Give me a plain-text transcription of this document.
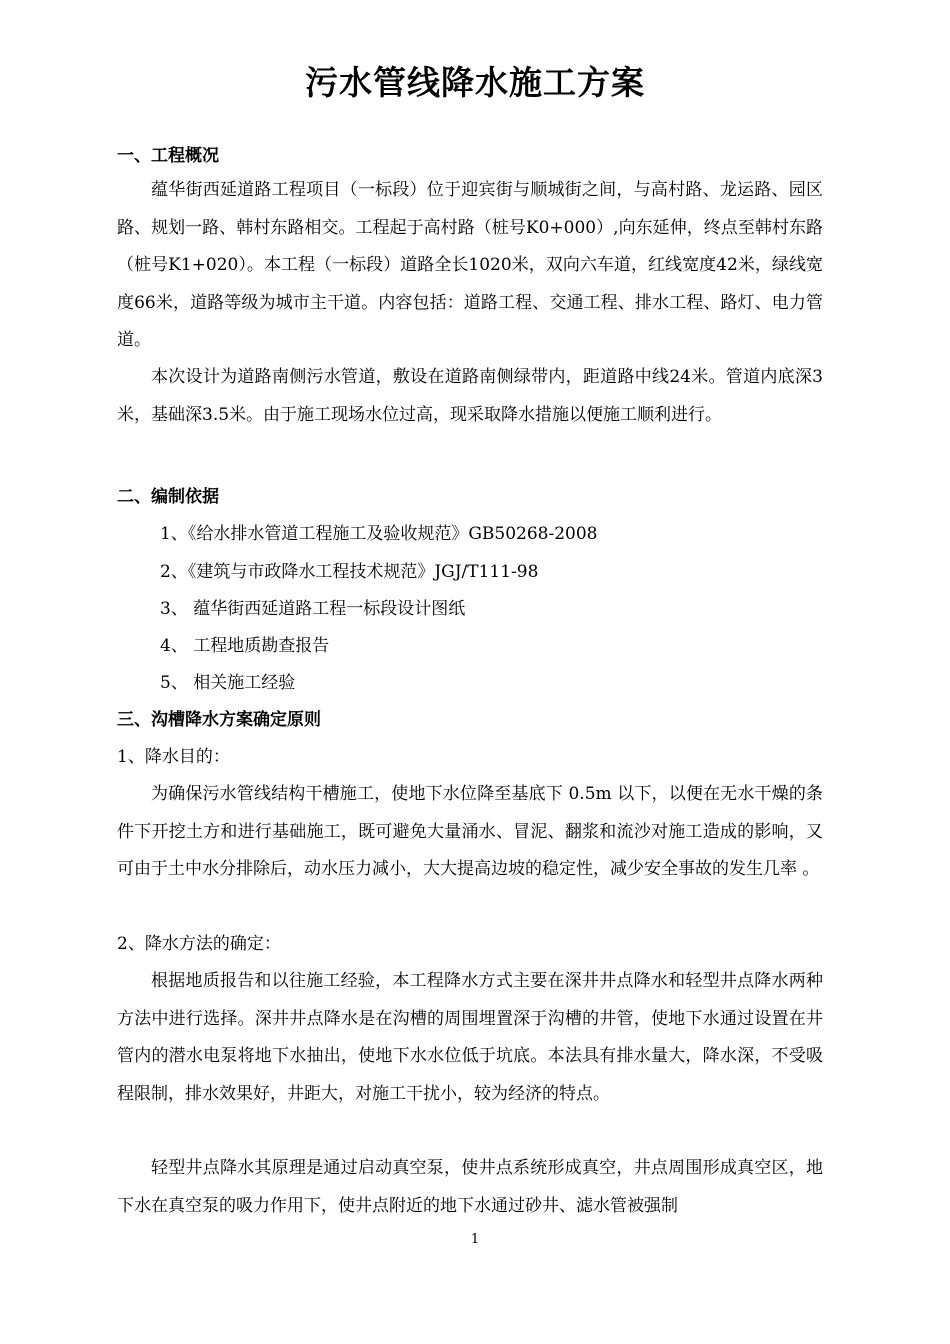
污水管线降水施工方案
一、工程概况

蕴华街西延道路工程项目（一标段）位于迎宾街与顺城街之间，与高村路、龙运路、园区路、规划一路、韩村东路相交。工程起于高村路（桩号K0+000）,向东延伸，终点至韩村东路（桩号K1+020）。本工程（一标段）道路全长1020米，双向六车道，红线宽度42米，绿线宽度66米，道路等级为城市主干道。内容包括：道路工程、交通工程、排水工程、路灯、电力管道。

本次设计为道路南侧污水管道，敷设在道路南侧绿带内，距道路中线24米。管道内底深3米，基础深3.5米。由于施工现场水位过高，现采取降水措施以便施工顺利进行。

二、编制依据
1、《给水排水管道工程施工及验收规范》GB50268-2008
2、《建筑与市政降水工程技术规范》JGJ/T111-98
3、 蕴华街西延道路工程一标段设计图纸
4、 工程地质勘查报告
5、 相关施工经验
三、沟槽降水方案确定原则
1、降水目的：

为确保污水管线结构干槽施工，使地下水位降至基底下 0.5m 以下，以便在无水干燥的条件下开挖土方和进行基础施工，既可避免大量涌水、冒泥、翻浆和流沙对施工造成的影响，又可由于土中水分排除后，动水压力减小，大大提高边坡的稳定性，减少安全事故的发生几率 。

2、降水方法的确定：

根据地质报告和以往施工经验，本工程降水方式主要在深井井点降水和轻型井点降水两种方法中进行选择。深井井点降水是在沟槽的周围埋置深于沟槽的井管，使地下水通过设置在井管内的潜水电泵将地下水抽出，使地下水水位低于坑底。本法具有排水量大，降水深，不受吸程限制，排水效果好，井距大，对施工干扰小，较为经济的特点。

轻型井点降水其原理是通过启动真空泵，使井点系统形成真空，井点周围形成真空区，地下水在真空泵的吸力作用下，使井点附近的地下水通过砂井、滤水管被强制

1
